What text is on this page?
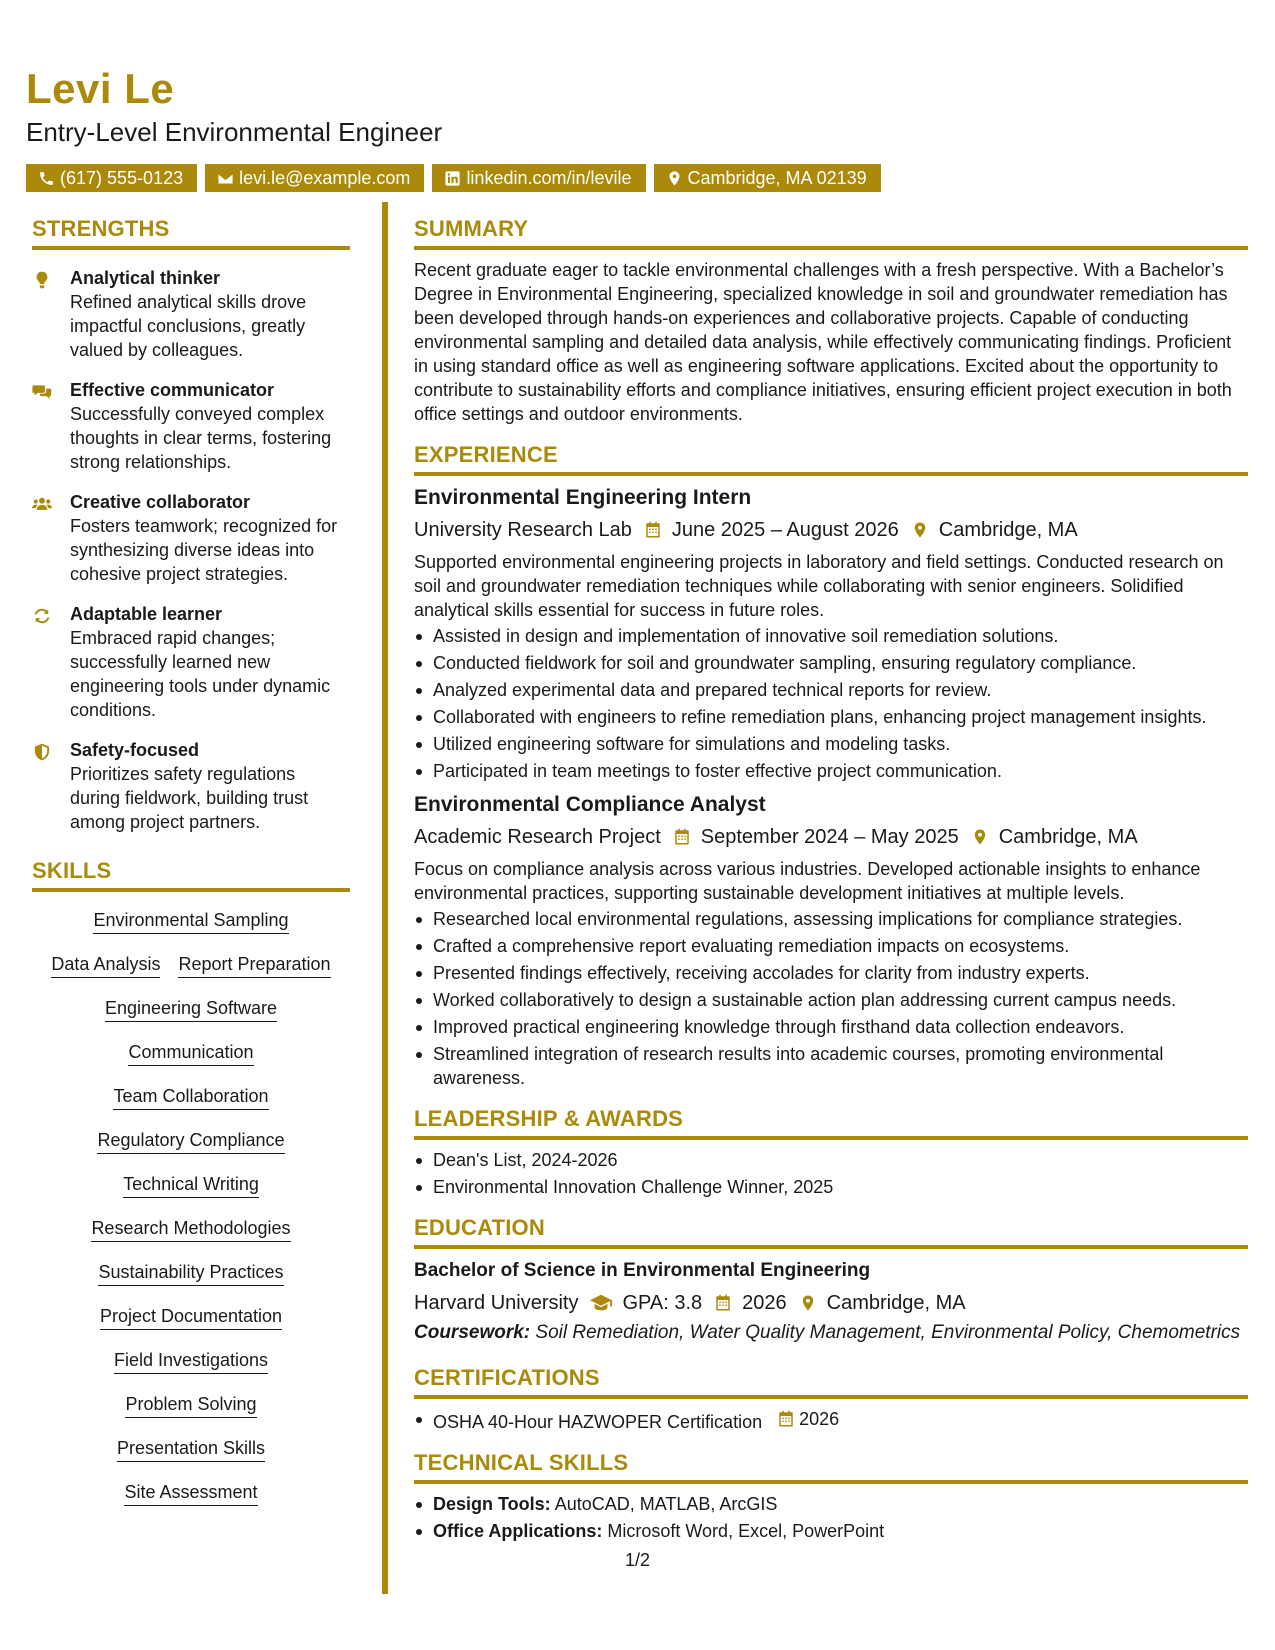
Levi Le
Entry-Level Environmental Engineer
(617) 555-0123	levi.le@example.com	linkedin.com/in/levile	Cambridge, MA 02139
STRENGTHS
Analytical thinker
Refined analytical skills drove impactful conclusions, greatly valued by colleagues.
Effective communicator
Successfully conveyed complex thoughts in clear terms, fostering strong relationships.
Creative collaborator
Fosters teamwork; recognized for synthesizing diverse ideas into cohesive project strategies.
Adaptable learner
Embraced rapid changes; successfully learned new engineering tools under dynamic conditions.
Safety-focused
Prioritizes safety regulations during fieldwork, building trust among project partners.
SKILLS
Environmental Sampling
Data Analysis Report Preparation
Engineering Software
Communication
Team Collaboration
Regulatory Compliance
Technical Writing
Research Methodologies
Sustainability Practices
Project Documentation
Field Investigations
Problem Solving
Presentation Skills
Site Assessment
SUMMARY
Recent graduate eager to tackle environmental challenges with a fresh perspective. With a Bachelor’s Degree in Environmental Engineering, specialized knowledge in soil and groundwater remediation has been developed through hands-on experiences and collaborative projects. Capable of conducting environmental sampling and detailed data analysis, while effectively communicating findings. Proficient in using standard office as well as engineering software applications. Excited about the opportunity to contribute to sustainability efforts and compliance initiatives, ensuring efficient project execution in both office settings and outdoor environments.
EXPERIENCE
Environmental Engineering Intern
University Research Lab June 2025 – August 2026 Cambridge, MA
Supported environmental engineering projects in laboratory and field settings. Conducted research on soil and groundwater remediation techniques while collaborating with senior engineers. Solidified analytical skills essential for success in future roles.
Assisted in design and implementation of innovative soil remediation solutions.
Conducted fieldwork for soil and groundwater sampling, ensuring regulatory compliance.
Analyzed experimental data and prepared technical reports for review.
Collaborated with engineers to refine remediation plans, enhancing project management insights.
Utilized engineering software for simulations and modeling tasks.
Participated in team meetings to foster effective project communication.
Environmental Compliance Analyst
Academic Research Project September 2024 – May 2025 Cambridge, MA
Focus on compliance analysis across various industries. Developed actionable insights to enhance environmental practices, supporting sustainable development initiatives at multiple levels.
Researched local environmental regulations, assessing implications for compliance strategies.
Crafted a comprehensive report evaluating remediation impacts on ecosystems.
Presented findings effectively, receiving accolades for clarity from industry experts.
Worked collaboratively to design a sustainable action plan addressing current campus needs.
Improved practical engineering knowledge through firsthand data collection endeavors.
Streamlined integration of research results into academic courses, promoting environmental awareness.
LEADERSHIP & AWARDS
Dean's List, 2024-2026
Environmental Innovation Challenge Winner, 2025
EDUCATION
Bachelor of Science in Environmental Engineering
Harvard University GPA: 3.8 2026 Cambridge, MA
Coursework: Soil Remediation, Water Quality Management, Environmental Policy, Chemometrics
CERTIFICATIONS
OSHA 40-Hour HAZWOPER Certification 2026
TECHNICAL SKILLS
Design Tools: AutoCAD, MATLAB, ArcGIS
Office Applications: Microsoft Word, Excel, PowerPoint
1/2
